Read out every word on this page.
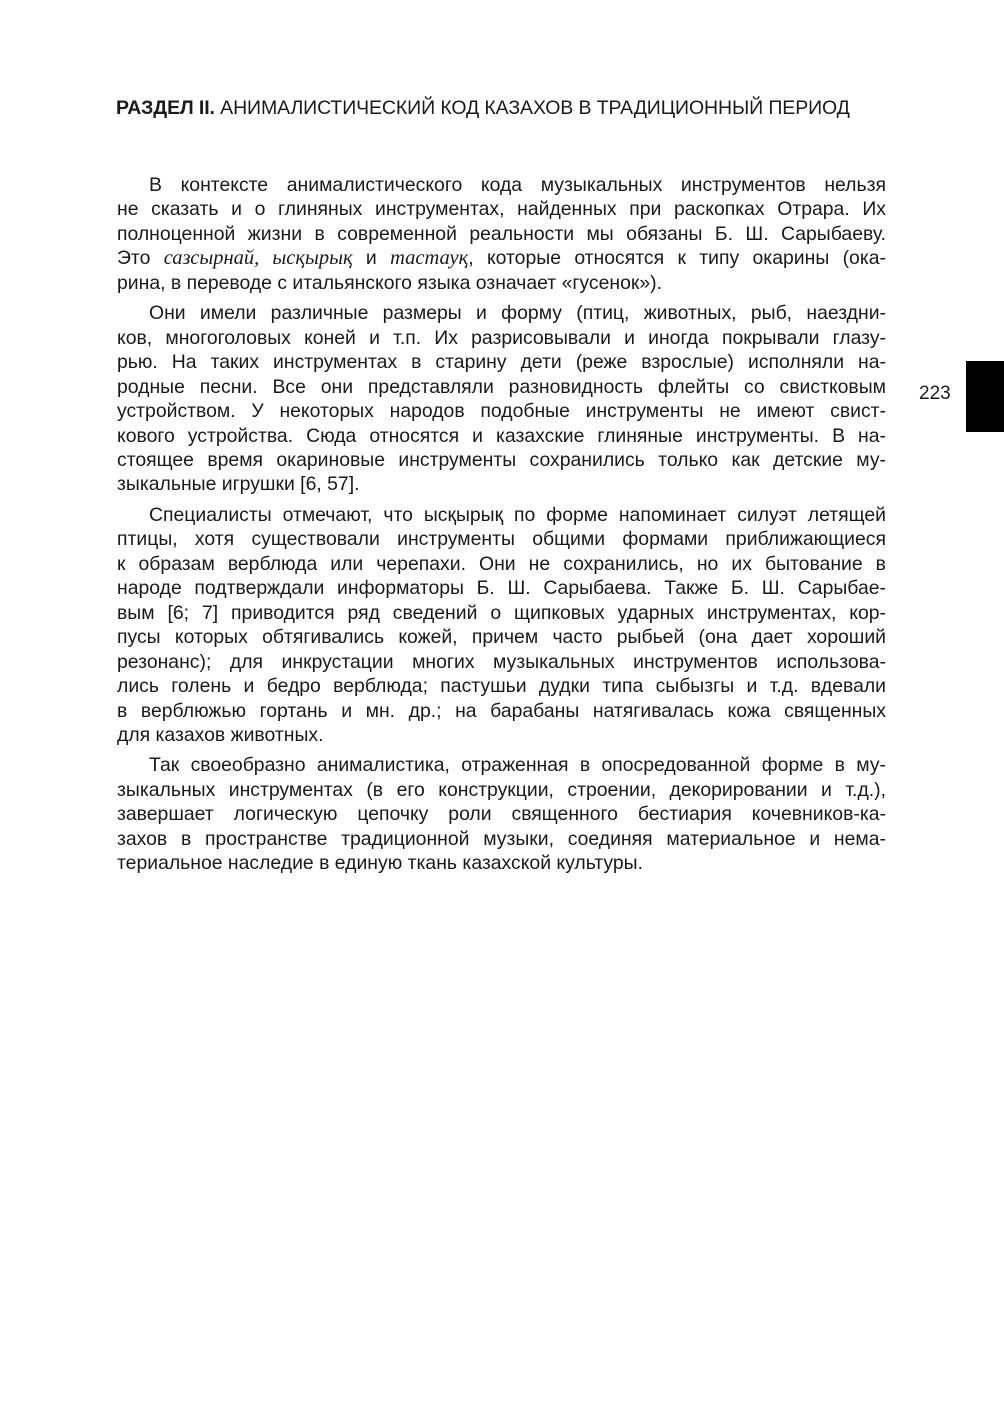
РАЗДЕЛ II. АНИМАЛИСТИЧЕСКИЙ КОД КАЗАХОВ В ТРАДИЦИОННЫЙ ПЕРИОД
223

В контексте анималистического кода музыкальных инструментов нельзя
не сказать и о глиняных инструментах, найденных при раскопках Отрара. Их
полноценной жизни в современной реальности мы обязаны Б. Ш. Сарыбаеву.
Это сазсырнай, ысқырық и тастауқ, которые относятся к типу окарины (ока-
рина, в переводе с итальянского языка означает «гусенок»).

Они имели различные размеры и форму (птиц, животных, рыб, наездни-
ков, многоголовых коней и т.п. Их разрисовывали и иногда покрывали глазу-
рью. На таких инструментах в старину дети (реже взрослые) исполняли на-
родные песни. Все они представляли разновидность флейты со свистковым
устройством. У некоторых народов подобные инструменты не имеют свист-
кового устройства. Сюда относятся и казахские глиняные инструменты. В на-
стоящее время окариновые инструменты сохранились только как детские му-
зыкальные игрушки [6, 57].

Специалисты отмечают, что ысқырық по форме напоминает силуэт летящей
птицы, хотя существовали инструменты общими формами приближающиеся
к образам верблюда или черепахи. Они не сохранились, но их бытование в
народе подтверждали информаторы Б. Ш. Сарыбаева. Также Б. Ш. Сарыбае-
вым [6; 7] приводится ряд сведений о щипковых ударных инструментах, кор-
пусы которых обтягивались кожей, причем часто рыбьей (она дает хороший
резонанс); для инкрустации многих музыкальных инструментов использова-
лись голень и бедро верблюда; пастушьи дудки типа сыбызгы и т.д. вдевали
в верблюжью гортань и мн. др.; на барабаны натягивалась кожа священных
для казахов животных.

Так своеобразно анималистика, отраженная в опосредованной форме в му-
зыкальных инструментах (в его конструкции, строении, декорировании и т.д.),
завершает логическую цепочку роли священного бестиария кочевников-ка-
захов в пространстве традиционной музыки, соединяя материальное и нема-
териальное наследие в единую ткань казахской культуры.
